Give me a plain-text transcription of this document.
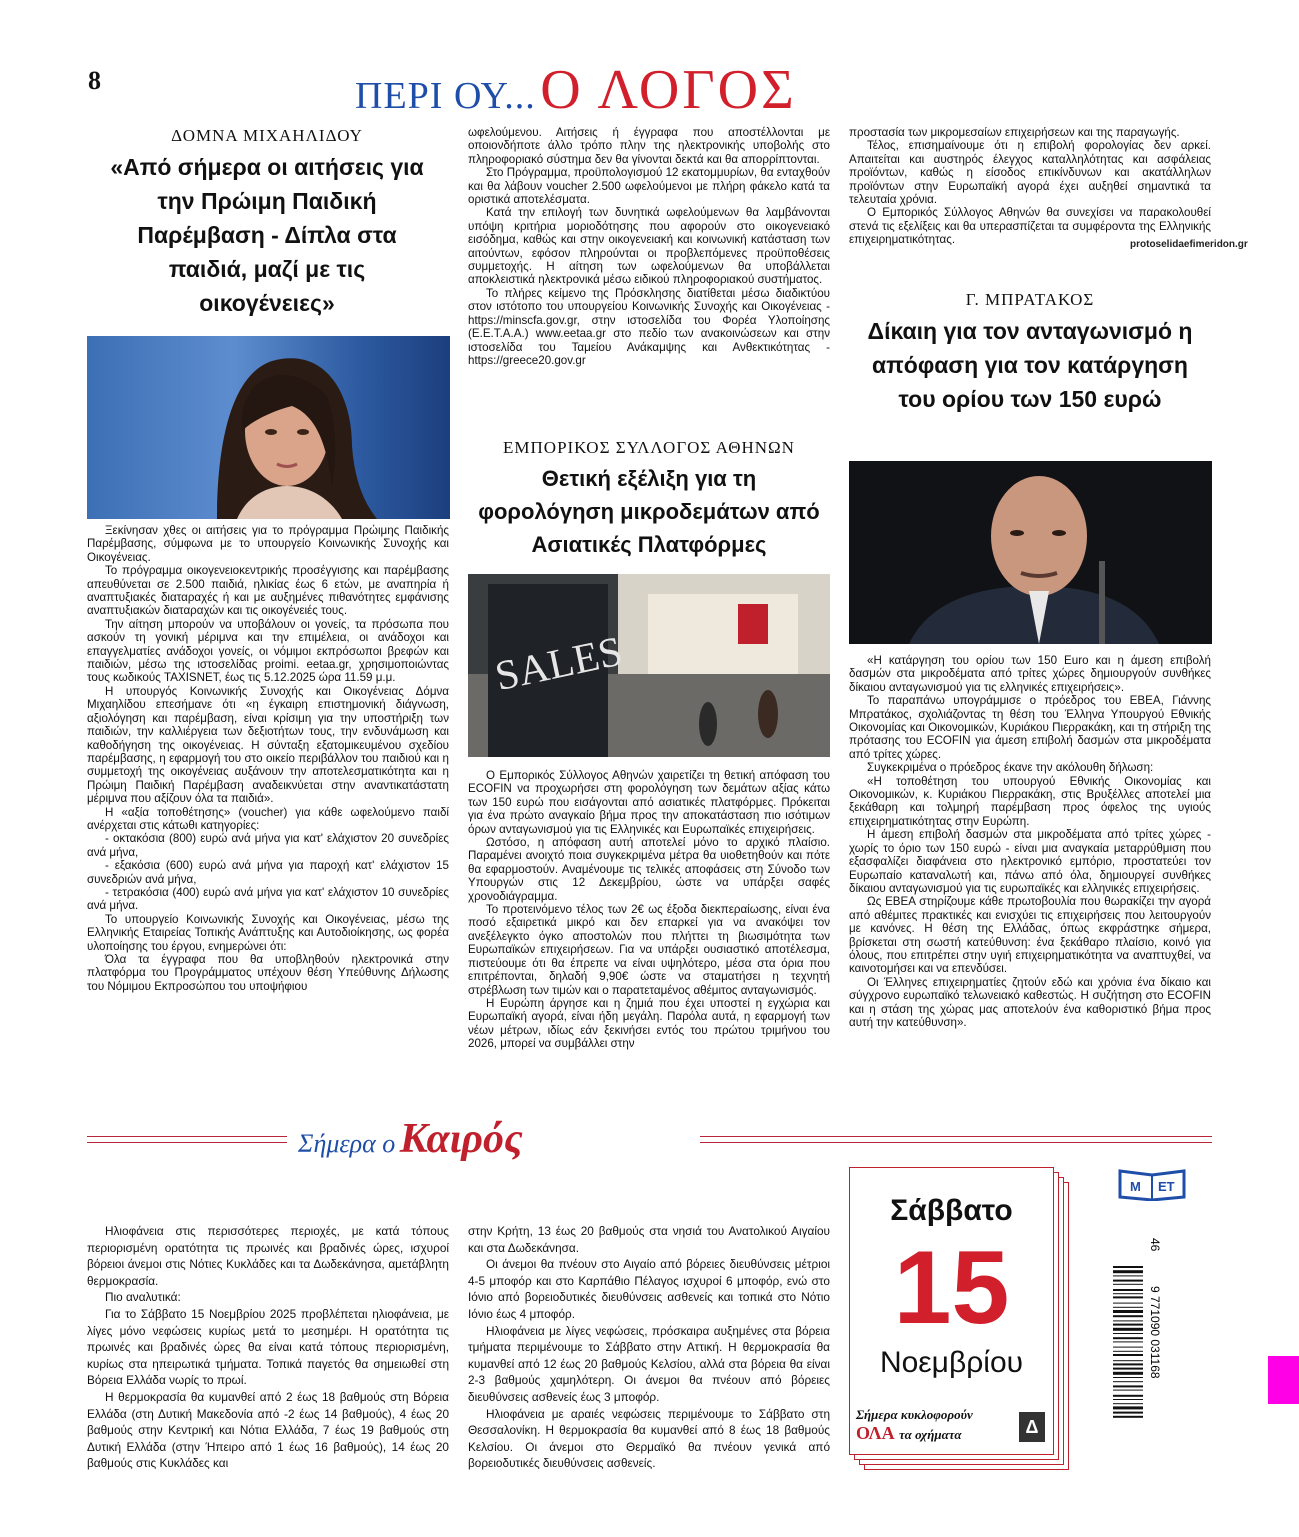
8	ΠΕΡΙ ΟΥ... Ο ΛΟΓΟΣ
ΔΟΜΝΑ ΜΙΧΑΗΛΙΔΟΥ
«Από σήμερα οι αιτήσεις για την Πρώιμη Παιδική Παρέμβαση - Δίπλα στα παιδιά, μαζί με τις οικογένειες»

Ξεκίνησαν χθες οι αιτήσεις για το πρόγραμμα Πρώιμης Παιδικής Παρέμβασης, σύμφωνα με το υπουργείο Κοινωνικής Συνοχής και Οικογένειας.

Το πρόγραμμα οικογενειοκεντρικής προσέγγισης και παρέμβασης απευθύνεται σε 2.500 παιδιά, ηλικίας έως 6 ετών, με αναπηρία ή αναπτυξιακές διαταραχές ή και με αυξημένες πιθανότητες εμφάνισης αναπτυξιακών διαταραχών και τις οικογένειές τους.

Την αίτηση μπορούν να υποβάλουν οι γονείς, τα πρόσωπα που ασκούν τη γονική μέριμνα και την επιμέλεια, οι ανάδοχοι και επαγγελματίες ανάδοχοι γονείς, οι νόμιμοι εκπρόσωποι βρεφών και παιδιών, μέσω της ιστοσελίδας proimi. eetaa.gr, χρησιμοποιώντας τους κωδικούς TAXISNET, έως τις 5.12.2025 ώρα 11.59 μ.μ.

Η υπουργός Κοινωνικής Συνοχής και Οικογένειας Δόμνα Μιχαηλίδου επεσήμανε ότι «η έγκαιρη επιστημονική διάγνωση, αξιολόγηση και παρέμβαση, είναι κρίσιμη για την υποστήριξη των παιδιών, την καλλιέργεια των δεξιοτήτων τους, την ενδυνάμωση και καθοδήγηση της οικογένειας. Η σύνταξη εξατομικευμένου σχεδίου παρέμβασης, η εφαρμογή του στο οικείο περιβάλλον του παιδιού και η συμμετοχή της οικογένειας αυξάνουν την αποτελεσματικότητα και η Πρώιμη Παιδική Παρέμβαση αναδεικνύεται στην αναντικατάστατη μέριμνα που αξίζουν όλα τα παιδιά».

Η «αξία τοποθέτησης» (voucher) για κάθε ωφελούμενο παιδί ανέρχεται στις κάτωθι κατηγορίες:

- οκτακόσια (800) ευρώ ανά μήνα για κατ' ελάχιστον 20 συνεδρίες ανά μήνα,

- εξακόσια (600) ευρώ ανά μήνα για παροχή κατ' ελάχιστον 15 συνεδριών ανά μήνα,

- τετρακόσια (400) ευρώ ανά μήνα για κατ' ελάχιστον 10 συνεδρίες ανά μήνα.

Το υπουργείο Κοινωνικής Συνοχής και Οικογένειας, μέσω της Ελληνικής Εταιρείας Τοπικής Ανάπτυξης και Αυτοδιοίκησης, ως φορέα υλοποίησης του έργου, ενημερώνει ότι:

Όλα τα έγγραφα που θα υποβληθούν ηλεκτρονικά στην πλατφόρμα του Προγράμματος υπέχουν θέση Υπεύθυνης Δήλωσης του Νόμιμου Εκπροσώπου του υποψήφιου

ωφελούμενου. Αιτήσεις ή έγγραφα που αποστέλλονται με οποιονδήποτε άλλο τρόπο πλην της ηλεκτρονικής υποβολής στο πληροφοριακό σύστημα δεν θα γίνονται δεκτά και θα απορρίπτονται.

Στο Πρόγραμμα, προϋπολογισμού 12 εκατομμυρίων, θα ενταχθούν και θα λάβουν voucher 2.500 ωφελούμενοι με πλήρη φάκελο κατά τα οριστικά αποτελέσματα.

Κατά την επιλογή των δυνητικά ωφελούμενων θα λαμβάνονται υπόψη κριτήρια μοριοδότησης που αφορούν στο οικογενειακό εισόδημα, καθώς και στην οικογενειακή και κοινωνική κατάσταση των αιτούντων, εφόσον πληρούνται οι προβλεπόμενες προϋποθέσεις συμμετοχής. Η αίτηση των ωφελούμενων θα υποβάλλεται αποκλειστικά ηλεκτρονικά μέσω ειδικού πληροφοριακού συστήματος.

Το πλήρες κείμενο της Πρόσκλησης διατίθεται μέσω διαδικτύου στον ιστότοπο του υπουργείου Κοινωνικής Συνοχής και Οικογένειας - https://minscfa.gov.gr, στην ιστοσελίδα του Φορέα Υλοποίησης (Ε.Ε.Τ.Α.Α.) www.eetaa.gr στο πεδίο των ανακοινώσεων και στην ιστοσελίδα του Ταμείου Ανάκαμψης και Ανθεκτικότητας - https://greece20.gov.gr

ΕΜΠΟΡΙΚΟΣ ΣΥΛΛΟΓΟΣ ΑΘΗΝΩΝ
Θετική εξέλιξη για τη φορολόγηση μικροδεμάτων από Ασιατικές Πλατφόρμες
SALES

Ο Εμπορικός Σύλλογος Αθηνών χαιρετίζει τη θετική απόφαση του ECOFIN να προχωρήσει στη φορολόγηση των δεμάτων αξίας κάτω των 150 ευρώ που εισάγονται από ασιατικές πλατφόρμες. Πρόκειται για ένα πρώτο αναγκαίο βήμα προς την αποκατάσταση πιο ισότιμων όρων ανταγωνισμού για τις Ελληνικές και Ευρωπαϊκές επιχειρήσεις.

Ωστόσο, η απόφαση αυτή αποτελεί μόνο το αρχικό πλαίσιο. Παραμένει ανοιχτό ποια συγκεκριμένα μέτρα θα υιοθετηθούν και πότε θα εφαρμοστούν. Αναμένουμε τις τελικές αποφάσεις στη Σύνοδο των Υπουργών στις 12 Δεκεμβρίου, ώστε να υπάρξει σαφές χρονοδιάγραμμα.

Το προτεινόμενο τέλος των 2€ ως έξοδα διεκπεραίωσης, είναι ένα ποσό εξαιρετικά μικρό και δεν επαρκεί για να ανακόψει τον ανεξέλεγκτο όγκο αποστολών που πλήττει τη βιωσιμότητα των Ευρωπαϊκών επιχειρήσεων. Για να υπάρξει ουσιαστικό αποτέλεσμα, πιστεύουμε ότι θα έπρεπε να είναι υψηλότερο, μέσα στα όρια που επιτρέπονται, δηλαδή 9,90€ ώστε να σταματήσει η τεχνητή στρέβλωση των τιμών και ο παρατεταμένος αθέμιτος ανταγωνισμός.

Η Ευρώπη άργησε και η ζημιά που έχει υποστεί η εγχώρια και Ευρωπαϊκή αγορά, είναι ήδη μεγάλη. Παρόλα αυτά, η εφαρμογή των νέων μέτρων, ιδίως εάν ξεκινήσει εντός του πρώτου τριμήνου του 2026, μπορεί να συμβάλλει στην

προστασία των μικρομεσαίων επιχειρήσεων και της παραγωγής.

Τέλος, επισημαίνουμε ότι η επιβολή φορολογίας δεν αρκεί. Απαιτείται και αυστηρός έλεγχος καταλληλότητας και ασφάλειας προϊόντων, καθώς η είσοδος επικίνδυνων και ακατάλληλων προϊόντων στην Ευρωπαϊκή αγορά έχει αυξηθεί σημαντικά τα τελευταία χρόνια.

Ο Εμπορικός Σύλλογος Αθηνών θα συνεχίσει να παρακολουθεί στενά τις εξελίξεις και θα υπερασπίζεται τα συμφέροντα της Ελληνικής επιχειρηματικότητας.	protoselidaefimeridon.gr
Γ. ΜΠΡΑΤΑΚΟΣ
Δίκαιη για τον ανταγωνισμό η απόφαση για τον κατάργηση του ορίου των 150 ευρώ

«Η κατάργηση του ορίου των 150 Euro και η άμεση επιβολή δασμών στα μικροδέματα από τρίτες χώρες δημιουργούν συνθήκες δίκαιου ανταγωνισμού για τις ελληνικές επιχειρήσεις».

Το παραπάνω υπογράμμισε ο πρόεδρος του ΕΒΕΑ, Γιάννης Μπρατάκος, σχολιάζοντας τη θέση του Έλληνα Υπουργού Εθνικής Οικονομίας και Οικονομικών, Κυριάκου Πιερρακάκη, και τη στήριξη της πρότασης του ECOFIN για άμεση επιβολή δασμών στα μικροδέματα από τρίτες χώρες.

Συγκεκριμένα ο πρόεδρος έκανε την ακόλουθη δήλωση:

«Η τοποθέτηση του υπουργού Εθνικής Οικονομίας και Οικονομικών, κ. Κυριάκου Πιερρακάκη, στις Βρυξέλλες αποτελεί μια ξεκάθαρη και τολμηρή παρέμβαση προς όφελος της υγιούς επιχειρηματικότητας στην Ευρώπη.

Η άμεση επιβολή δασμών στα μικροδέματα από τρίτες χώρες - χωρίς το όριο των 150 ευρώ - είναι μια αναγκαία μεταρρύθμιση που εξασφαλίζει διαφάνεια στο ηλεκτρονικό εμπόριο, προστατεύει τον Ευρωπαίο καταναλωτή και, πάνω από όλα, δημιουργεί συνθήκες δίκαιου ανταγωνισμού για τις ευρωπαϊκές και ελληνικές επιχειρήσεις.

Ως ΕΒΕΑ στηρίζουμε κάθε πρωτοβουλία που θωρακίζει την αγορά από αθέμιτες πρακτικές και ενισχύει τις επιχειρήσεις που λειτουργούν με κανόνες. Η θέση της Ελλάδας, όπως εκφράστηκε σήμερα, βρίσκεται στη σωστή κατεύθυνση: ένα ξεκάθαρο πλαίσιο, κοινό για όλους, που επιτρέπει στην υγιή επιχειρηματικότητα να αναπτυχθεί, να καινοτομήσει και να επενδύσει.

Οι Έλληνες επιχειρηματίες ζητούν εδώ και χρόνια ένα δίκαιο και σύγχρονο ευρωπαϊκό τελωνειακό καθεστώς. Η συζήτηση στο ECOFIN και η στάση της χώρας μας αποτελούν ένα καθοριστικό βήμα προς αυτή την κατεύθυνση».

Σήμερα ο Καιρός

Ηλιοφάνεια στις περισσότερες περιοχές, με κατά τόπους περιορισμένη ορατότητα τις πρωινές και βραδινές ώρες, ισχυροί βόρειοι άνεμοι στις Νότιες Κυκλάδες και τα Δωδεκάνησα, αμετάβλητη θερμοκρασία.

Πιο αναλυτικά:

Για το Σάββατο 15 Νοεμβρίου 2025 προβλέπεται ηλιοφάνεια, με λίγες μόνο νεφώσεις κυρίως μετά το μεσημέρι. Η ορατότητα τις πρωινές και βραδινές ώρες θα είναι κατά τόπους περιορισμένη, κυρίως στα ηπειρωτικά τμήματα. Τοπικά παγετός θα σημειωθεί στη Βόρεια Ελλάδα νωρίς το πρωί.

Η θερμοκρασία θα κυμανθεί από 2 έως 18 βαθμούς στη Βόρεια Ελλάδα (στη Δυτική Μακεδονία από -2 έως 14 βαθμούς), 4 έως 20 βαθμούς στην Κεντρική και Νότια Ελλάδα, 7 έως 19 βαθμούς στη Δυτική Ελλάδα (στην Ήπειρο από 1 έως 16 βαθμούς), 14 έως 20 βαθμούς στις Κυκλάδες και

στην Κρήτη, 13 έως 20 βαθμούς στα νησιά του Ανατολικού Αιγαίου και στα Δωδεκάνησα.

Οι άνεμοι θα πνέουν στο Αιγαίο από βόρειες διευθύνσεις μέτριοι 4-5 μποφόρ και στο Καρπάθιο Πέλαγος ισχυροί 6 μποφόρ, ενώ στο Ιόνιο από βορειοδυτικές διευθύνσεις ασθενείς και τοπικά στο Νότιο Ιόνιο έως 4 μποφόρ.

Ηλιοφάνεια με λίγες νεφώσεις, πρόσκαιρα αυξημένες στα βόρεια τμήματα περιμένουμε το Σάββατο στην Αττική. Η θερμοκρασία θα κυμανθεί από 12 έως 20 βαθμούς Κελσίου, αλλά στα βόρεια θα είναι 2-3 βαθμούς χαμηλότερη. Οι άνεμοι θα πνέουν από βόρειες διευθύνσεις ασθενείς έως 3 μποφόρ.

Ηλιοφάνεια με αραιές νεφώσεις περιμένουμε το Σάββατο στη Θεσσαλονίκη. Η θερμοκρασία θα κυμανθεί από 8 έως 18 βαθμούς Κελσίου. Οι άνεμοι στο Θερμαϊκό θα πνέουν γενικά από βορειοδυτικές διευθύνσεις ασθενείς.

Σάββατο
15
Νοεμβρίου
Σήμερα κυκλοφορούν
ΟΛΑ τα οχήματα	Δ
Μ ΕΤ
46
9 771090 031168
